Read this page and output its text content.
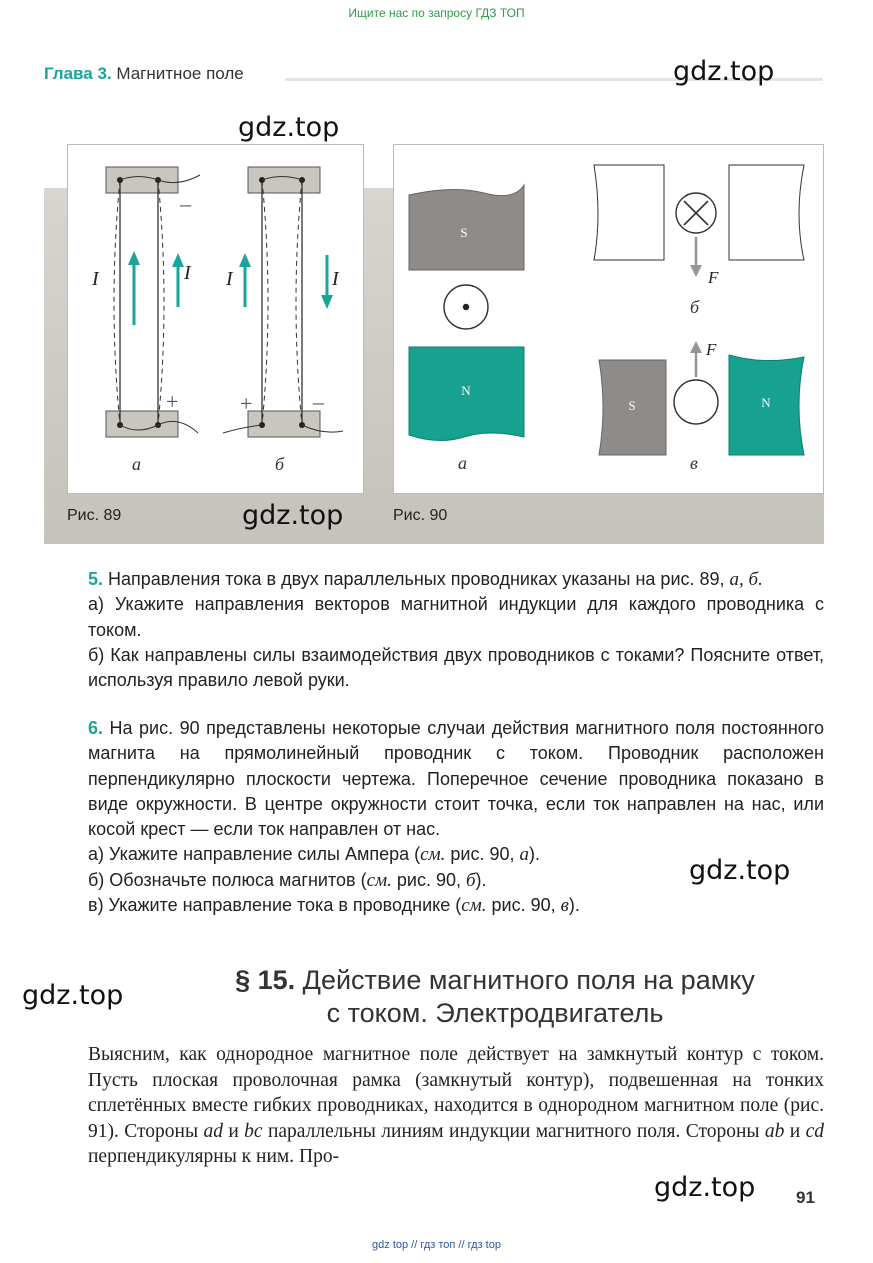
Ищите нас по запросу ГДЗ ТОП
Глава 3. Магнитное поле
I	I I	I
–
+	+	–
а	б
Рис. 89
S
N
а
F
б
S	N
F
в
Рис. 90
5. Направления тока в двух параллельных проводниках указаны на рис. 89, а, б.
а) Укажите направления векторов магнитной индукции для каждого проводника с током.
б) Как направлены силы взаимодействия двух проводников с токами? Поясните ответ, используя правило левой руки.
6. На рис. 90 представлены некоторые случаи действия магнитного поля постоянного магнита на прямолинейный проводник с током. Проводник расположен перпендикулярно плоскости чертежа. Поперечное сечение проводника показано в виде окружности. В центре окружности стоит точка, если ток направлен на нас, или косой крест — если ток направлен от нас.
а) Укажите направление силы Ампера (см. рис. 90, а).
б) Обозначьте полюса магнитов (см. рис. 90, б).
в) Укажите направление тока в проводнике (см. рис. 90, в).
§ 15. Действие магнитного поля на рамку
с током. Электродвигатель
Выясним, как однородное магнитное поле действует на замкнутый контур с током. Пусть плоская проволочная рамка (замкнутый контур), подвешенная на тонких сплетённых вместе гибких проводниках, находится в однородном магнитном поле (рис. 91). Стороны ad и bc параллельны линиям индукции магнитного поля. Стороны ab и cd перпендикулярны к ним. Про-
91
gdz.top
gdz.top
gdz.top
gdz.top
gdz.top
gdz.top
gdz top // гдз топ // гдз top
